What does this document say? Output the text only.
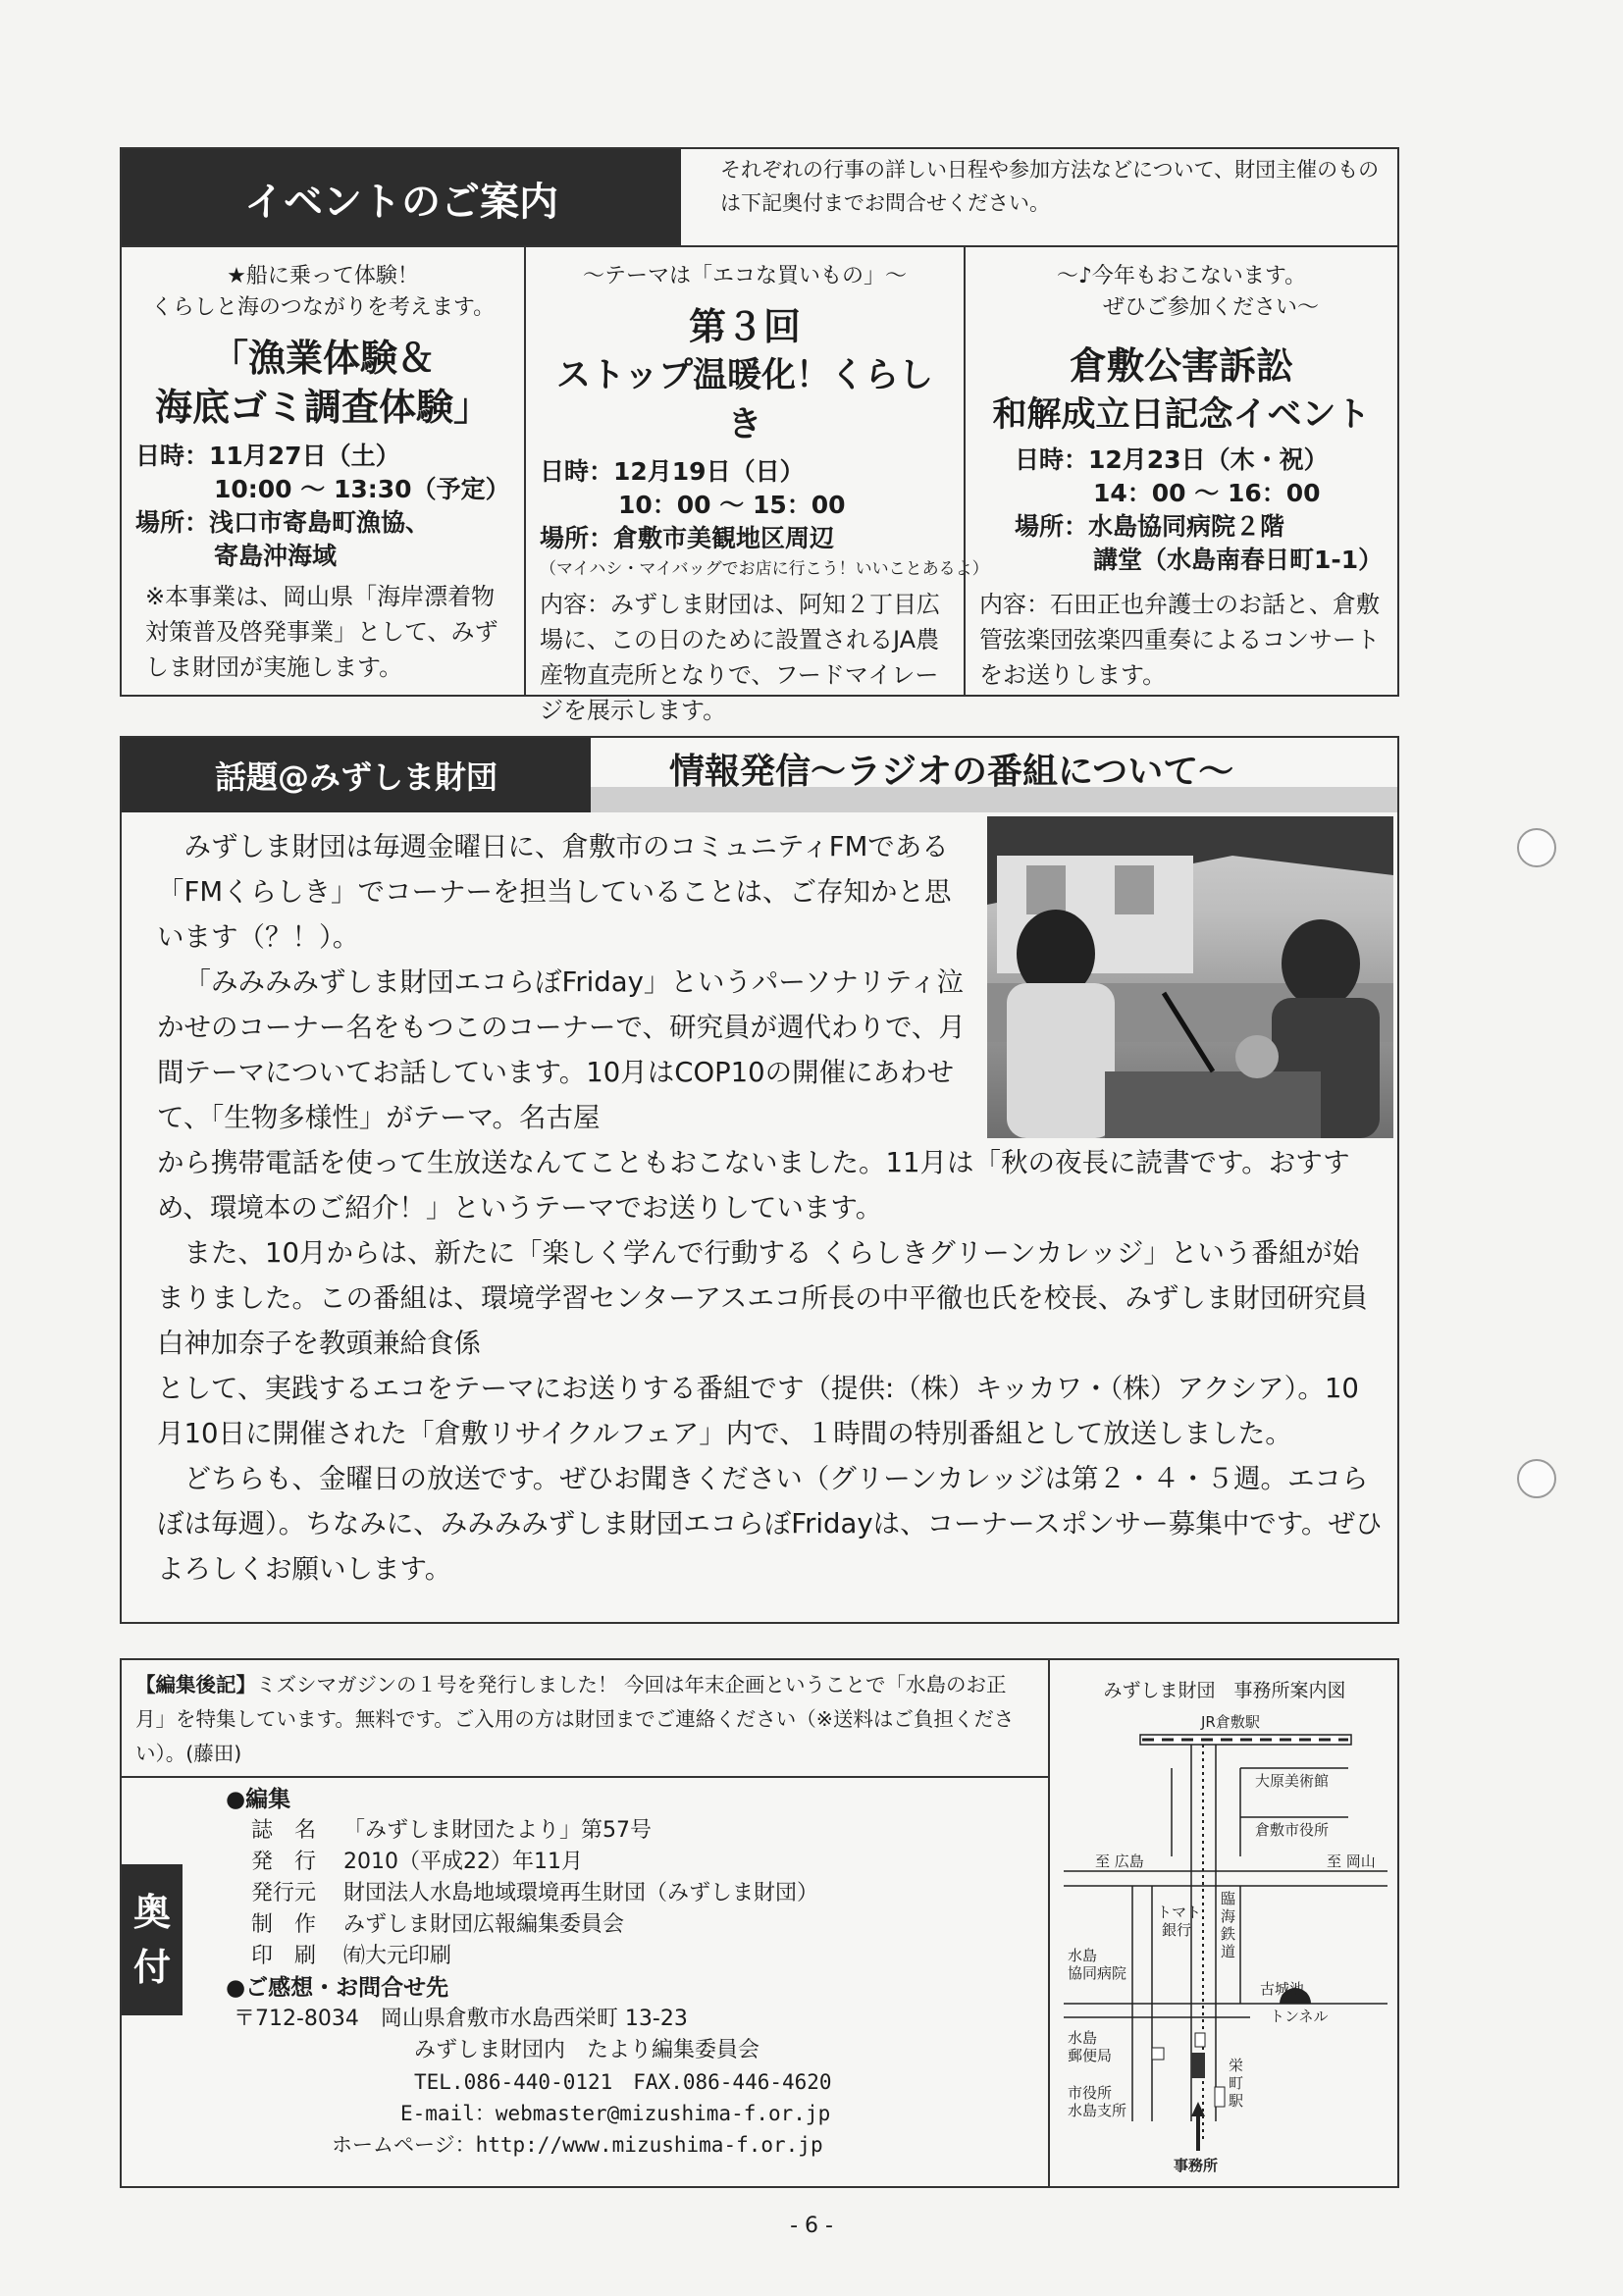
イベントのご案内
それぞれの行事の詳しい日程や参加方法などについて、財団主催のものは下記奥付までお問合せください。
★船に乗って体験！
くらしと海のつながりを考えます。
「漁業体験＆
海底ゴミ調査体験」
日時：11月27日（土）
10:00 〜 13:30（予定）
場所：浅口市寄島町漁協、
寄島沖海域
※本事業は、岡山県「海岸漂着物対策普及啓発事業」として、みずしま財団が実施します。
〜テーマは「エコな買いもの」〜
第３回
ストップ温暖化！くらしき
日時：12月19日（日）
10：00 〜 15：00
場所：倉敷市美観地区周辺
（マイハシ・マイバッグでお店に行こう！いいことあるよ）
内容：みずしま財団は、阿知２丁目広場に、この日のために設置されるJA農産物直売所となりで、フードマイレージを展示します。
〜♪今年もおこないます。
ぜひご参加ください〜
倉敷公害訴訟
和解成立日記念イベント
日時：12月23日（木・祝）
14：00 〜 16：00
場所：水島協同病院２階
講堂（水島南春日町1-1）
内容：石田正也弁護士のお話と、倉敷管弦楽団弦楽四重奏によるコンサートをお送りします。
話題@みずしま財団	情報発信〜ラジオの番組について〜

みずしま財団は毎週金曜日に、倉敷市のコミュニティFMである「FMくらしき」でコーナーを担当していることは、ご存知かと思います（？！）。

「みみみみずしま財団エコらぼFriday」というパーソナリティ泣かせのコーナー名をもつこのコーナーで、研究員が週代わりで、月間テーマについてお話しています。10月はCOP10の開催にあわせて、「生物多様性」がテーマ。名古屋

から携帯電話を使って生放送なんてこともおこないました。11月は「秋の夜長に読書です。おすすめ、環境本のご紹介！」というテーマでお送りしています。

また、10月からは、新たに「楽しく学んで行動する くらしきグリーンカレッジ」という番組が始まりました。この番組は、環境学習センターアスエコ所長の中平徹也氏を校長、みずしま財団研究員　白神加奈子を教頭兼給食係

として、実践するエコをテーマにお送りする番組です（提供:（株）キッカワ・（株）アクシア）。10月10日に開催された「倉敷リサイクルフェア」内で、１時間の特別番組として放送しました。

どちらも、金曜日の放送です。ぜひお聞きください（グリーンカレッジは第２・４・５週。エコらぼは毎週）。ちなみに、みみみみずしま財団エコらぼFridayは、コーナースポンサー募集中です。ぜひよろしくお願いします。

【編集後記】ミズシマガジンの１号を発行しました！ 今回は年末企画ということで「水島のお正月」を特集しています。無料です。ご入用の方は財団までご連絡ください（※送料はご負担ください）。(藤田)
奥
付
●編集
誌　名	「みずしま財団たより」第57号
発　行	2010（平成22）年11月
発行元	財団法人水島地域環境再生財団（みずしま財団）
制　作	みずしま財団広報編集委員会
印　刷	㈲大元印刷
●ご感想・お問合せ先
〒712-8034　岡山県倉敷市水島西栄町 13-23
みずしま財団内　たより編集委員会
TEL.086-440-0121　FAX.086-446-4620
E-mail：webmaster@mizushima-f.or.jp
ホームページ：http://www.mizushima-f.or.jp
みずしま財団　事務所案内図
JR倉敷駅
大原美術館
倉敷市役所
至 広島	至 岡山
臨
海
鉄
道
トマト
銀行
水島
協同病院
古城池
トンネル
水島
郵便局
市役所
水島支所
栄
町
駅
事務所
- 6 -
